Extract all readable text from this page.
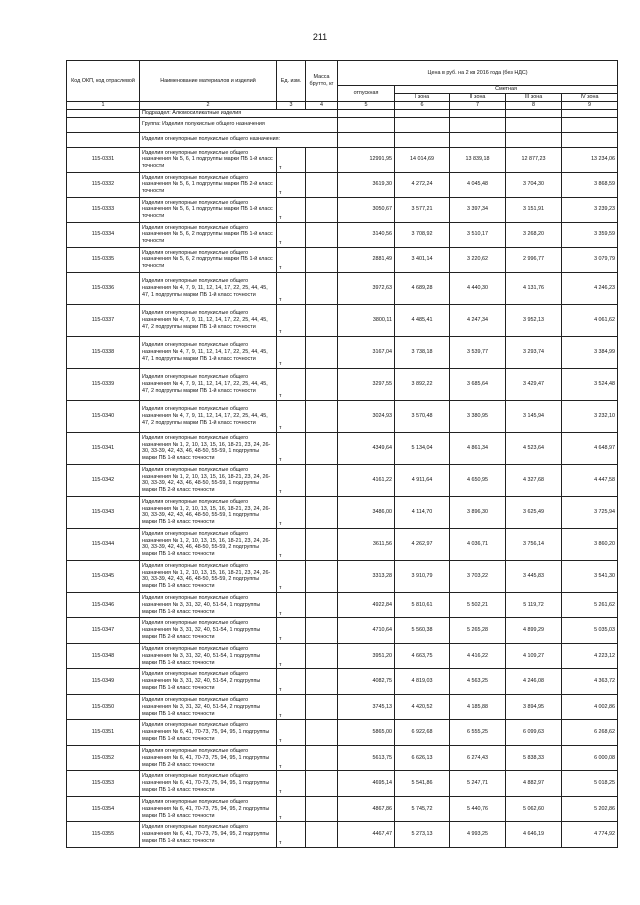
211
Код ОКП, код отраслевой	Наименование материалов и изделий	Ед. изм.	Масса брутто, кг	Цена в руб. на 2 кв 2016 года (без НДС)				
				отпускная	Сметная			
					I зона	II зона	III зона	IV зона
1	2	3	4	5	6	7	8	9
	Подраздел: Алюмосиликатные изделия							
	Группа: Изделия полукислые общего назначения							
	Изделия огнеупорные полукислые общего назначения:							
115-0331	Изделия огнеупорные полукислые общего назначения № 5, 6, 1 подгруппы марки ПБ 1-й класс точности	т		12991,95	14 014,69	13 839,18	12 877,23	13 234,06
115-0332	Изделия огнеупорные полукислые общего назначения № 5, 6, 1 подгруппы марки ПБ 2-й класс точности	т		3619,30	4 272,24	4 045,48	3 704,30	3 868,59
115-0333	Изделия огнеупорные полукислые общего назначения № 5, 6, 1 подгруппы марки ПБ 1-й класс точности	т		3050,67	3 577,21	3 397,34	3 151,91	3 239,23
115-0334	Изделия огнеупорные полукислые общего назначения № 5, 6, 2 подгруппы марки ПБ 1-й класс точности	т		3140,56	3 708,92	3 510,17	3 268,20	3 359,59
115-0335	Изделия огнеупорные полукислые общего назначения № 5, 6, 2 подгруппы марки ПБ 1-й класс точности	т		2881,49	3 401,14	3 220,62	2 996,77	3 079,79
115-0336	Изделия огнеупорные полукислые общего назначения № 4, 7, 9, 11, 12, 14, 17, 22, 25, 44, 45, 47, 1 подгруппы марки ПБ 1-й класс точности	т		3972,63	4 689,28	4 440,30	4 131,76	4 246,23
115-0337	Изделия огнеупорные полукислые общего назначения № 4, 7, 9, 11, 12, 14, 17, 22, 25, 44, 45, 47, 2 подгруппы марки ПБ 1-й класс точности	т		3800,11	4 485,41	4 247,34	3 952,13	4 061,62
115-0338	Изделия огнеупорные полукислые общего назначения № 4, 7, 9, 11, 12, 14, 17, 22, 25, 44, 45, 47, 1 подгруппы марки ПБ 1-й класс точности	т		3167,04	3 738,18	3 539,77	3 293,74	3 384,99
115-0339	Изделия огнеупорные полукислые общего назначения № 4, 7, 9, 11, 12, 14, 17, 22, 25, 44, 45, 47, 2 подгруппы марки ПБ 1-й класс точности	т		3297,55	3 892,22	3 685,64	3 429,47	3 524,48
115-0340	Изделия огнеупорные полукислые общего назначения № 4, 7, 9, 11, 12, 14, 17, 22, 25, 44, 45, 47, 2 подгруппы марки ПБ 1-й класс точности	т		3024,93	3 570,48	3 380,95	3 145,94	3 232,10
115-0341	Изделия огнеупорные полукислые общего назначения № 1, 2, 10, 13, 15, 16, 18-21, 23, 24, 26-30, 33-39, 42, 43, 46, 48-50, 55-59, 1 подгруппы марки ПБ 1-й класс точности	т		4349,64	5 134,04	4 861,34	4 523,64	4 648,97
115-0342	Изделия огнеупорные полукислые общего назначения № 1, 2, 10, 13, 15, 16, 18-21, 23, 24, 26-30, 33-39, 42, 43, 46, 48-50, 55-59, 1 подгруппы марки ПБ 2-й класс точности	т		4161,22	4 911,64	4 650,95	4 327,68	4 447,58
115-0343	Изделия огнеупорные полукислые общего назначения № 1, 2, 10, 13, 15, 16, 18-21, 23, 24, 26-30, 33-39, 42, 43, 46, 48-50, 55-59, 1 подгруппы марки ПБ 1-й класс точности	т		3486,00	4 114,70	3 896,30	3 625,49	3 725,94
115-0344	Изделия огнеупорные полукислые общего назначения № 1, 2, 10, 13, 15, 16, 18-21, 23, 24, 26-30, 33-39, 42, 43, 46, 48-50, 55-59, 2 подгруппы марки ПБ 1-й класс точности	т		3611,56	4 262,97	4 036,71	3 756,14	3 860,20
115-0345	Изделия огнеупорные полукислые общего назначения № 1, 2, 10, 13, 15, 16, 18-21, 23, 24, 26-30, 33-39, 42, 43, 46, 48-50, 55-59, 2 подгруппы марки ПБ 1-й класс точности	т		3313,28	3 910,79	3 703,22	3 445,83	3 541,30
115-0346	Изделия огнеупорные полукислые общего назначения № 3, 31, 32, 40, 51-54, 1 подгруппы марки ПБ 1-й класс точности	т		4922,84	5 810,61	5 502,21	5 119,72	5 261,62
115-0347	Изделия огнеупорные полукислые общего назначения № 3, 31, 32, 40, 51-54, 1 подгруппы марки ПБ 2-й класс точности	т		4710,64	5 560,38	5 265,28	4 899,29	5 035,03
115-0348	Изделия огнеупорные полукислые общего назначения № 3, 31, 32, 40, 51-54, 1 подгруппы марки ПБ 1-й класс точности	т		3951,20	4 663,75	4 416,22	4 109,27	4 223,12
115-0349	Изделия огнеупорные полукислые общего назначения № 3, 31, 32, 40, 51-54, 2 подгруппы марки ПБ 1-й класс точности	т		4082,75	4 819,03	4 563,25	4 246,08	4 363,72
115-0350	Изделия огнеупорные полукислые общего назначения № 3, 31, 32, 40, 51-54, 2 подгруппы марки ПБ 1-й класс точности	т		3745,13	4 420,52	4 185,88	3 894,95	4 002,86
115-0351	Изделия огнеупорные полукислые общего назначения № 6, 41, 70-73, 75, 94, 95, 1 подгруппы марки ПБ 1-й класс точности	т		5865,00	6 922,68	6 555,25	6 099,63	6 268,62
115-0352	Изделия огнеупорные полукислые общего назначения № 6, 41, 70-73, 75, 94, 95, 1 подгруппы марки ПБ 2-й класс точности	т		5613,75	6 626,13	6 274,43	5 838,33	6 000,08
115-0353	Изделия огнеупорные полукислые общего назначения № 6, 41, 70-73, 75, 94, 95, 1 подгруппы марки ПБ 1-й класс точности	т		4695,14	5 541,86	5 247,71	4 882,97	5 018,25
115-0354	Изделия огнеупорные полукислые общего назначения № 6, 41, 70-73, 75, 94, 95, 2 подгруппы марки ПБ 1-й класс точности	т		4867,86	5 745,72	5 440,76	5 062,60	5 202,86
115-0355	Изделия огнеупорные полукислые общего назначения № 6, 41, 70-73, 75, 94, 95, 2 подгруппы марки ПБ 1-й класс точности	т		4467,47	5 273,13	4 993,25	4 646,19	4 774,92
